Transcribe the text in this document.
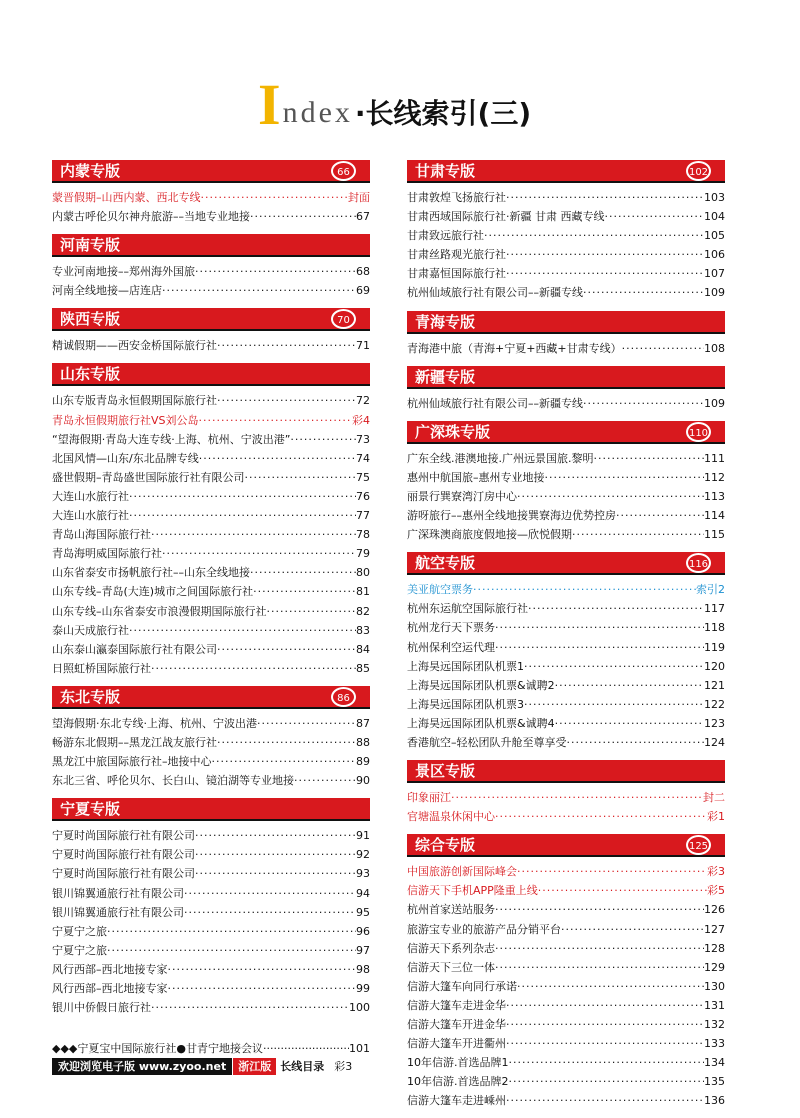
I ndex ·长线索引(三)
内蒙专版	66
蒙晋假期–山西内蒙、西北专线 ·····	封面
内蒙古呼伦贝尔神舟旅游––当地专业地接 ·····	67
河南专版
专业河南地接––郑州海外国旅 ·····	68
河南全线地接—店连店 ·····	69
陕西专版	70
精诚假期——西安金桥国际旅行社 ·····	71
山东专版
山东专版青岛永恒假期国际旅行社 ·····	72
青岛永恒假期旅行社VS刘公岛 ·····	彩4
“望海假期·青岛大连专线·上海、杭州、宁波出港” ·····	73
北国风情—山东/东北品牌专线 ·····	74
盛世假期–青岛盛世国际旅行社有限公司 ·····	75
大连山水旅行社 ·····	76
大连山水旅行社 ·····	77
青岛山海国际旅行社 ·····	78
青岛海明威国际旅行社 ·····	79
山东省泰安市扬帆旅行社––山东全线地接 ·····	80
山东专线–青岛(大连)城市之间国际旅行社 ·····	81
山东专线–山东省泰安市浪漫假期国际旅行社 ·····	82
泰山天成旅行社 ·····	83
山东泰山瀛泰国际旅行社有限公司 ·····	84
日照虹桥国际旅行社 ·····	85
东北专版	86
望海假期·东北专线·上海、杭州、宁波出港 ·····	87
畅游东北假期––黑龙江战友旅行社 ·····	88
黑龙江中旅国际旅行社–地接中心 ·····	89
东北三省、呼伦贝尔、长白山、镜泊湖等专业地接 ·····	90
宁夏专版
宁夏时尚国际旅行社有限公司 ·····	91
宁夏时尚国际旅行社有限公司 ·····	92
宁夏时尚国际旅行社有限公司 ·····	93
银川锦翼通旅行社有限公司 ·····	94
银川锦翼通旅行社有限公司 ·····	95
宁夏宁之旅 ·····	96
宁夏宁之旅 ·····	97
风行西部–西北地接专家 ·····	98
风行西部–西北地接专家 ·····	99
银川中侨假日旅行社 ·····	100
甘肃专版	102
甘肃敦煌飞扬旅行社 ·····	103
甘肃西域国际旅行社·新疆 甘肃 西藏专线 ·····	104
甘肃致远旅行社 ·····	105
甘肃丝路观光旅行社 ·····	106
甘肃嘉恒国际旅行社 ·····	107
杭州仙域旅行社有限公司––新疆专线 ·····	109
青海专版
青海港中旅（青海+宁夏+西藏+甘肃专线） ·····	108
新疆专版
杭州仙域旅行社有限公司––新疆专线 ·····	109
广深珠专版	110
广东全线.港澳地接.广州远景国旅.黎明 ·····	111
惠州中航国旅–惠州专业地接 ·····	112
丽景行巽寮湾汀房中心 ·····	113
游呀旅行––惠州全线地接巽寮海边优势控房 ·····	114
广深珠澳商旅度假地接—欣悦假期 ·····	115
航空专版	116
美亚航空票务 ·····	索引2
杭州东运航空国际旅行社 ·····	117
杭州龙行天下票务 ·····	118
杭州保利空运代理 ·····	119
上海昊远国际团队机票1 ·····	120
上海昊远国际团队机票&诚聘2 ·····	121
上海昊远国际团队机票3 ·····	122
上海昊远国际团队机票&诚聘4 ·····	123
香港航空–轻松团队升舱至尊享受 ·····	124
景区专版
印象丽江 ·····	封二
官塘温泉休闲中心 ·····	彩1
综合专版	125
中国旅游创新国际峰会 ·····	彩3
信游天下手机APP隆重上线 ·····	彩5
杭州首家送站服务 ·····	126
旅游宝专业的旅游产品分销平台 ·····	127
信游天下系列杂志 ·····	128
信游天下三位一体 ·····	129
信游大篷车向同行承诺 ·····	130
信游大篷车走进金华 ·····	131
信游大篷车开进金华 ·····	132
信游大篷车开进衢州 ·····	133
10年信游.首选品牌1 ·····	134
10年信游.首选品牌2 ·····	135
信游大篷车走进嵊州 ·····	136
◆◆◆宁夏宝中国际旅行社●甘青宁地接会议 ·····	101
欢迎浏览电子版 www.zyoo.net	浙江版 长线目录 彩3
